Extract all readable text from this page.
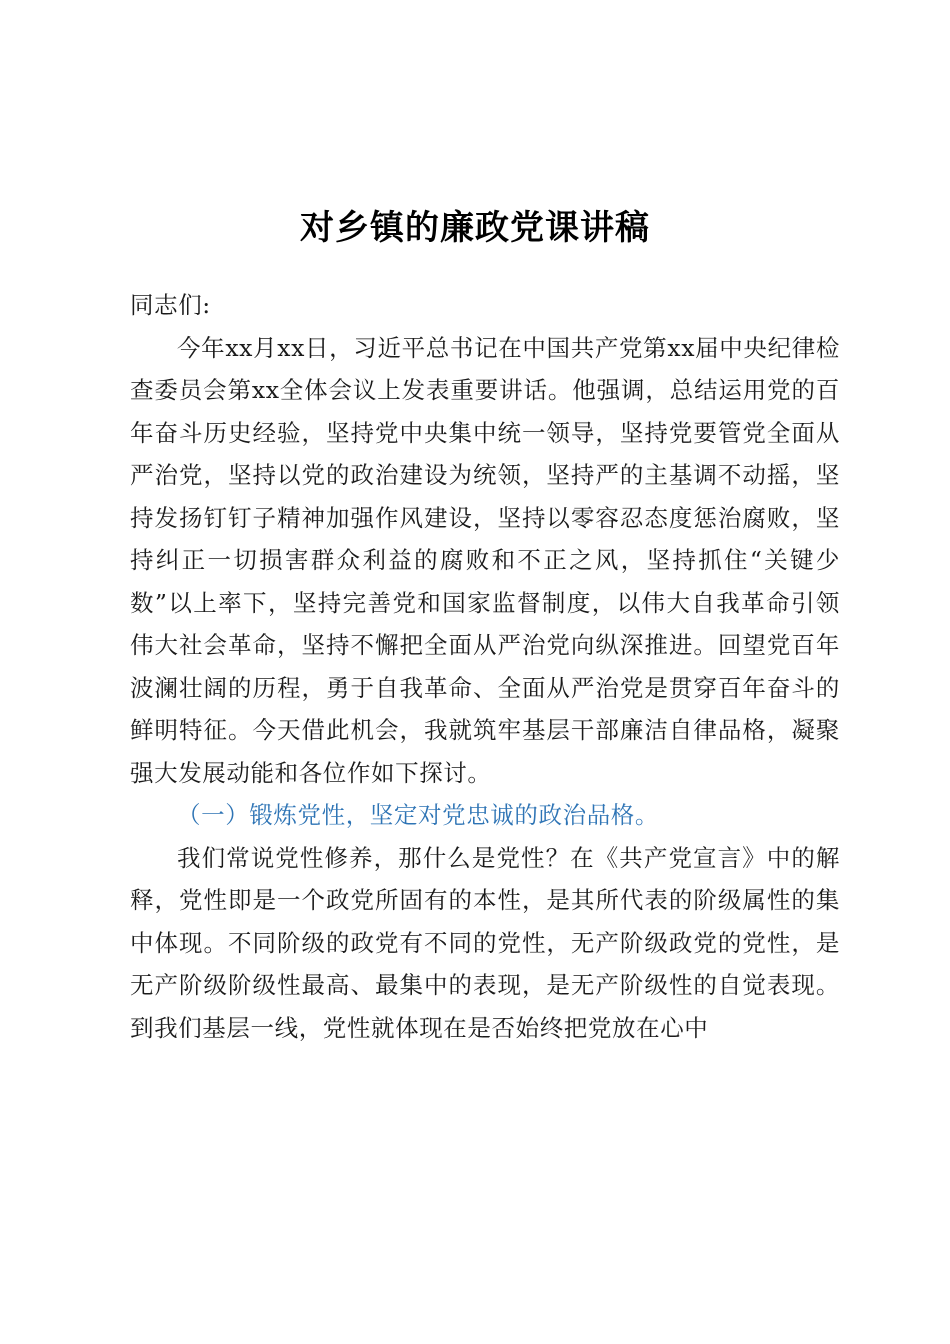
对乡镇的廉政党课讲稿

同志们:

今年xx月xx日，习近平总书记在中国共产党第xx届中央纪律检查委员会第xx全体会议上发表重要讲话。他强调，总结运用党的百年奋斗历史经验，坚持党中央集中统一领导，坚持党要管党全面从严治党，坚持以党的政治建设为统领，坚持严的主基调不动摇，坚持发扬钉钉子精神加强作风建设，坚持以零容忍态度惩治腐败，坚持纠正一切损害群众利益的腐败和不正之风，坚持抓住“关键少数”以上率下，坚持完善党和国家监督制度，以伟大自我革命引领伟大社会革命，坚持不懈把全面从严治党向纵深推进。回望党百年波澜壮阔的历程，勇于自我革命、全面从严治党是贯穿百年奋斗的鲜明特征。今天借此机会，我就筑牢基层干部廉洁自律品格，凝聚强大发展动能和各位作如下探讨。

（一）锻炼党性，坚定对党忠诚的政治品格。

我们常说党性修养，那什么是党性？在《共产党宣言》中的解释，党性即是一个政党所固有的本性，是其所代表的阶级属性的集中体现。不同阶级的政党有不同的党性，无产阶级政党的党性，是无产阶级阶级性最高、最集中的表现，是无产阶级性的自觉表现。到我们基层一线，党性就体现在是否始终把党放在心中
